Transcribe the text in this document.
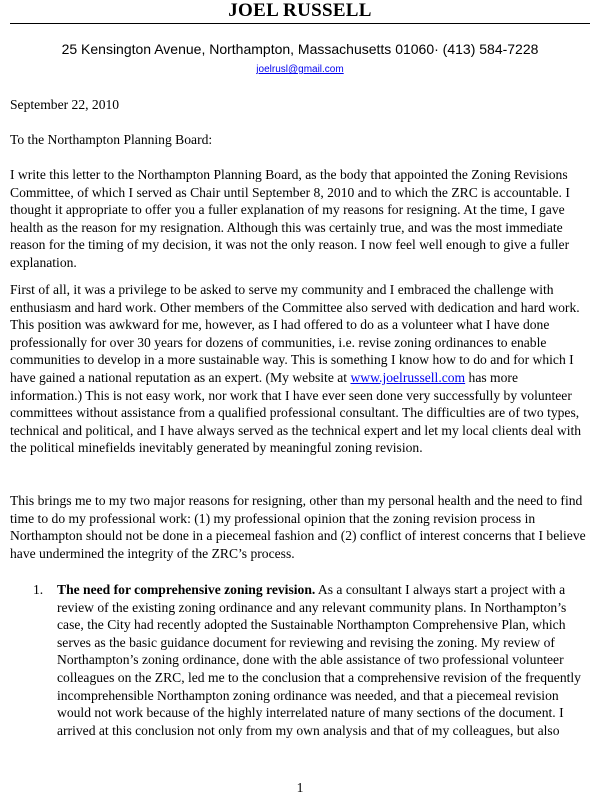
JOEL RUSSELL
25 Kensington Avenue, Northampton, Massachusetts 01060· (413) 584-7228
joelrusl@gmail.com

September 22, 2010

To the Northampton Planning Board:

I write this letter to the Northampton Planning Board, as the body that appointed the Zoning Revisions Committee, of which I served as Chair until September 8, 2010 and to which the ZRC is accountable. I thought it appropriate to offer you a fuller explanation of my reasons for resigning. At the time, I gave health as the reason for my resignation. Although this was certainly true, and was the most immediate reason for the timing of my decision, it was not the only reason. I now feel well enough to give a fuller explanation.

First of all, it was a privilege to be asked to serve my community and I embraced the challenge with enthusiasm and hard work. Other members of the Committee also served with dedication and hard work. This position was awkward for me, however, as I had offered to do as a volunteer what I have done professionally for over 30 years for dozens of communities, i.e. revise zoning ordinances to enable communities to develop in a more sustainable way. This is something I know how to do and for which I have gained a national reputation as an expert. (My website at www.joelrussell.com has more information.) This is not easy work, nor work that I have ever seen done very successfully by volunteer committees without assistance from a qualified professional consultant. The difficulties are of two types, technical and political, and I have always served as the technical expert and let my local clients deal with the political minefields inevitably generated by meaningful zoning revision.

This brings me to my two major reasons for resigning, other than my personal health and the need to find time to do my professional work: (1) my professional opinion that the zoning revision process in Northampton should not be done in a piecemeal fashion and (2) conflict of interest concerns that I believe have undermined the integrity of the ZRC’s process.

1. The need for comprehensive zoning revision. As a consultant I always start a project with a review of the existing zoning ordinance and any relevant community plans. In Northampton’s case, the City had recently adopted the Sustainable Northampton Comprehensive Plan, which serves as the basic guidance document for reviewing and revising the zoning. My review of Northampton’s zoning ordinance, done with the able assistance of two professional volunteer colleagues on the ZRC, led me to the conclusion that a comprehensive revision of the frequently incomprehensible Northampton zoning ordinance was needed, and that a piecemeal revision would not work because of the highly interrelated nature of many sections of the document. I arrived at this conclusion not only from my own analysis and that of my colleagues, but also

1
